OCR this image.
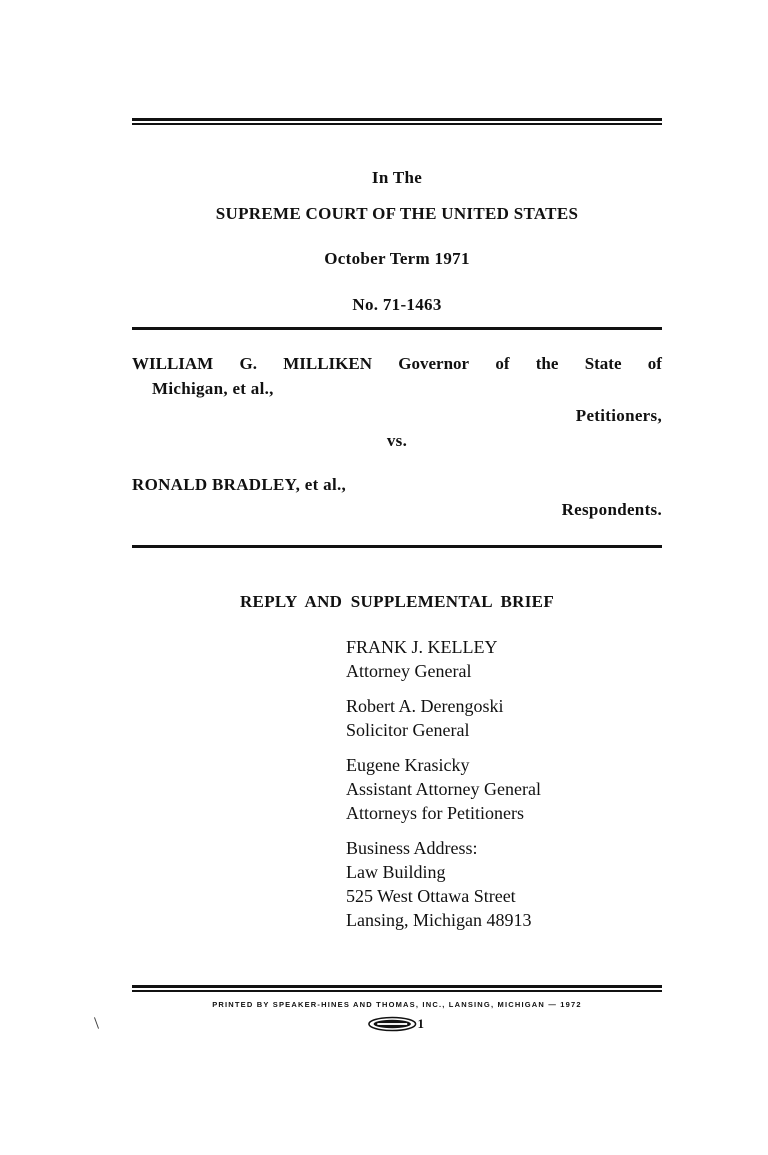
In The
SUPREME COURT OF THE UNITED STATES
October Term 1971
No. 71-1463
WILLIAM G. MILLIKEN Governor of the State of
Michigan, et al.,
Petitioners,
vs.
RONALD BRADLEY, et al.,
Respondents.
REPLY AND SUPPLEMENTAL BRIEF
FRANK J. KELLEY
Attorney General
Robert A. Derengoski
Solicitor General
Eugene Krasicky
Assistant Attorney General
Attorneys for Petitioners
Business Address:
Law Building
525 West Ottawa Street
Lansing, Michigan 48913
PRINTED BY SPEAKER-HINES AND THOMAS, INC., LANSING, MICHIGAN — 1972
1
